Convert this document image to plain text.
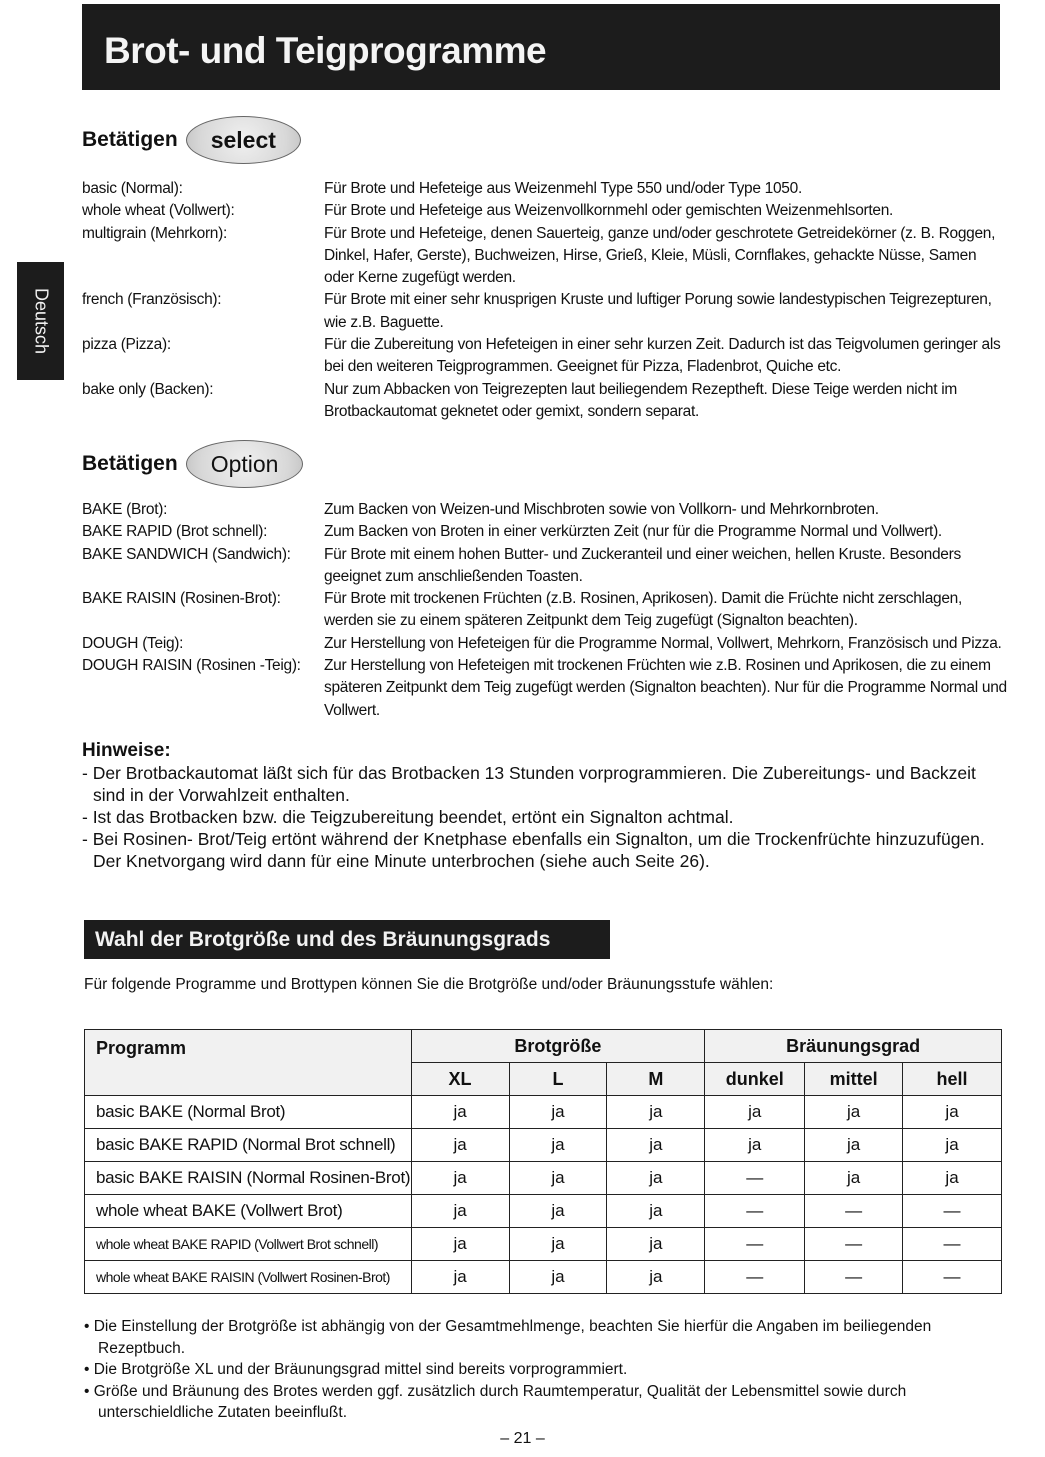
Brot- und Teigprogramme
Deutsch
Betätigen	select
basic (Normal):	Für Brote und Hefeteige aus Weizenmehl Type 550 und/oder Type 1050.
whole wheat (Vollwert):	Für Brote und Hefeteige aus Weizenvollkornmehl oder gemischten Weizenmehlsorten.
multigrain (Mehrkorn):	Für Brote und Hefeteige, denen Sauerteig, ganze und/oder geschrotete Getreidekörner (z. B. Roggen, Dinkel, Hafer, Gerste), Buchweizen, Hirse, Grieß, Kleie, Müsli, Cornflakes, gehackte Nüsse, Samen oder Kerne zugefügt werden.
french (Französisch):	Für Brote mit einer sehr knusprigen Kruste und luftiger Porung sowie landestypischen Teigrezepturen, wie z.B. Baguette.
pizza (Pizza):	Für die Zubereitung von Hefeteigen in einer sehr kurzen Zeit. Dadurch ist das Teigvolumen geringer als bei den weiteren Teigprogrammen. Geeignet für Pizza, Fladenbrot, Quiche etc.
bake only (Backen):	Nur zum Abbacken von Teigrezepten laut beiliegendem Rezeptheft. Diese Teige werden nicht im Brotbackautomat geknetet oder gemixt, sondern separat.
Betätigen	Option
BAKE (Brot):	Zum Backen von Weizen-und Mischbroten sowie von Vollkorn- und Mehrkornbroten.
BAKE RAPID (Brot schnell):	Zum Backen von Broten in einer verkürzten Zeit (nur für die Programme Normal und Vollwert).
BAKE SANDWICH (Sandwich):	Für Brote mit einem hohen Butter- und Zuckeranteil und einer weichen, hellen Kruste. Besonders geeignet zum anschließenden Toasten.
BAKE RAISIN (Rosinen-Brot):	Für Brote mit trockenen Früchten (z.B. Rosinen, Aprikosen). Damit die Früchte nicht zerschlagen, werden sie zu einem späteren Zeitpunkt dem Teig zugefügt (Signalton beachten).
DOUGH (Teig):	Zur Herstellung von Hefeteigen für die Programme Normal, Vollwert, Mehrkorn, Französisch und Pizza.
DOUGH RAISIN (Rosinen -Teig):	Zur Herstellung von Hefeteigen mit trockenen Früchten wie z.B. Rosinen und Aprikosen, die zu einem späteren Zeitpunkt dem Teig zugefügt werden (Signalton beachten). Nur für die Programme Normal und Vollwert.
Hinweise:
- Der Brotbackautomat läßt sich für das Brotbacken 13 Stunden vorprogrammieren. Die Zubereitungs- und Backzeit sind in der Vorwahlzeit enthalten.
- Ist das Brotbacken bzw. die Teigzubereitung beendet, ertönt ein Signalton achtmal.
- Bei Rosinen- Brot/Teig ertönt während der Knetphase ebenfalls ein Signalton, um die Trockenfrüchte hinzuzufügen. Der Knetvorgang wird dann für eine Minute unterbrochen (siehe auch Seite 26).
Wahl der Brotgröße und des Bräunungsgrads

Für folgende Programme und Brottypen können Sie die Brotgröße und/oder Bräunungsstufe wählen:

Programm	Brotgröße			Bräunungsgrad		
	XL	L	M	dunkel	mittel	hell
basic BAKE (Normal Brot)	ja	ja	ja	ja	ja	ja
basic BAKE RAPID (Normal Brot schnell)	ja	ja	ja	ja	ja	ja
basic BAKE RAISIN (Normal Rosinen-Brot)	ja	ja	ja	—	ja	ja
whole wheat BAKE (Vollwert Brot)	ja	ja	ja	—	—	—
whole wheat BAKE RAPID (Vollwert Brot schnell)	ja	ja	ja	—	—	—
whole wheat BAKE RAISIN (Vollwert Rosinen-Brot)	ja	ja	ja	—	—	—
• Die Einstellung der Brotgröße ist abhängig von der Gesamtmehlmenge, beachten Sie hierfür die Angaben im beiliegenden Rezeptbuch.
• Die Brotgröße XL und der Bräunungsgrad mittel sind bereits vorprogrammiert.
• Größe und Bräunung des Brotes werden ggf. zusätzlich durch Raumtemperatur, Qualität der Lebensmittel sowie durch unterschieldliche Zutaten beeinflußt.
– 21 –
